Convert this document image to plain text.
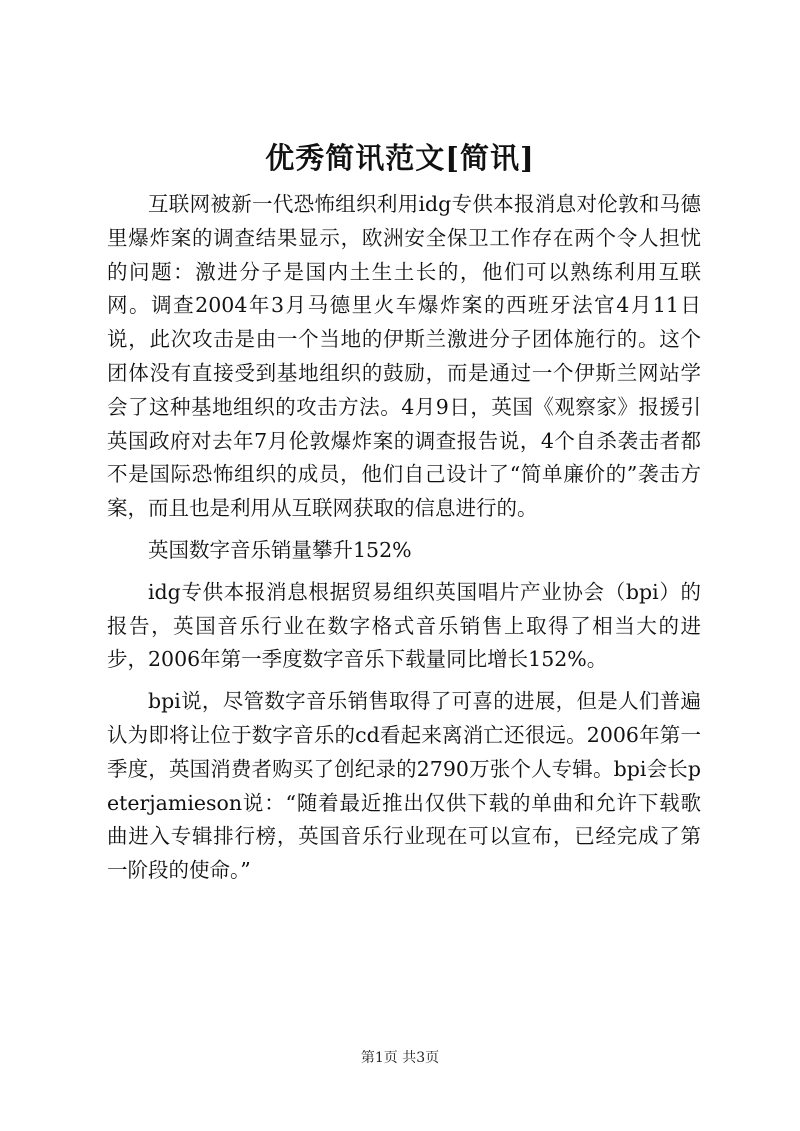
优秀简讯范文[简讯]

互联网被新一代恐怖组织利用idg专供本报消息对伦敦和马德里爆炸案的调查结果显示，欧洲安全保卫工作存在两个令人担忧的问题：激进分子是国内土生土长的，他们可以熟练利用互联网。调查2004年3月马德里火车爆炸案的西班牙法官4月11日说，此次攻击是由一个当地的伊斯兰激进分子团体施行的。这个团体没有直接受到基地组织的鼓励，而是通过一个伊斯兰网站学会了这种基地组织的攻击方法。4月9日，英国《观察家》报援引英国政府对去年7月伦敦爆炸案的调查报告说，4个自杀袭击者都不是国际恐怖组织的成员，他们自己设计了“简单廉价的”袭击方案，而且也是利用从互联网获取的信息进行的。

英国数字音乐销量攀升152%

idg专供本报消息根据贸易组织英国唱片产业协会（bpi）的报告，英国音乐行业在数字格式音乐销售上取得了相当大的进步，2006年第一季度数字音乐下载量同比增长152%。

bpi说，尽管数字音乐销售取得了可喜的进展，但是人们普遍认为即将让位于数字音乐的cd看起来离消亡还很远。2006年第一季度，英国消费者购买了创纪录的2790万张个人专辑。bpi会长peterjamieson说：“随着最近推出仅供下载的单曲和允许下载歌曲进入专辑排行榜，英国音乐行业现在可以宣布，已经完成了第一阶段的使命。”

第1页 共3页
